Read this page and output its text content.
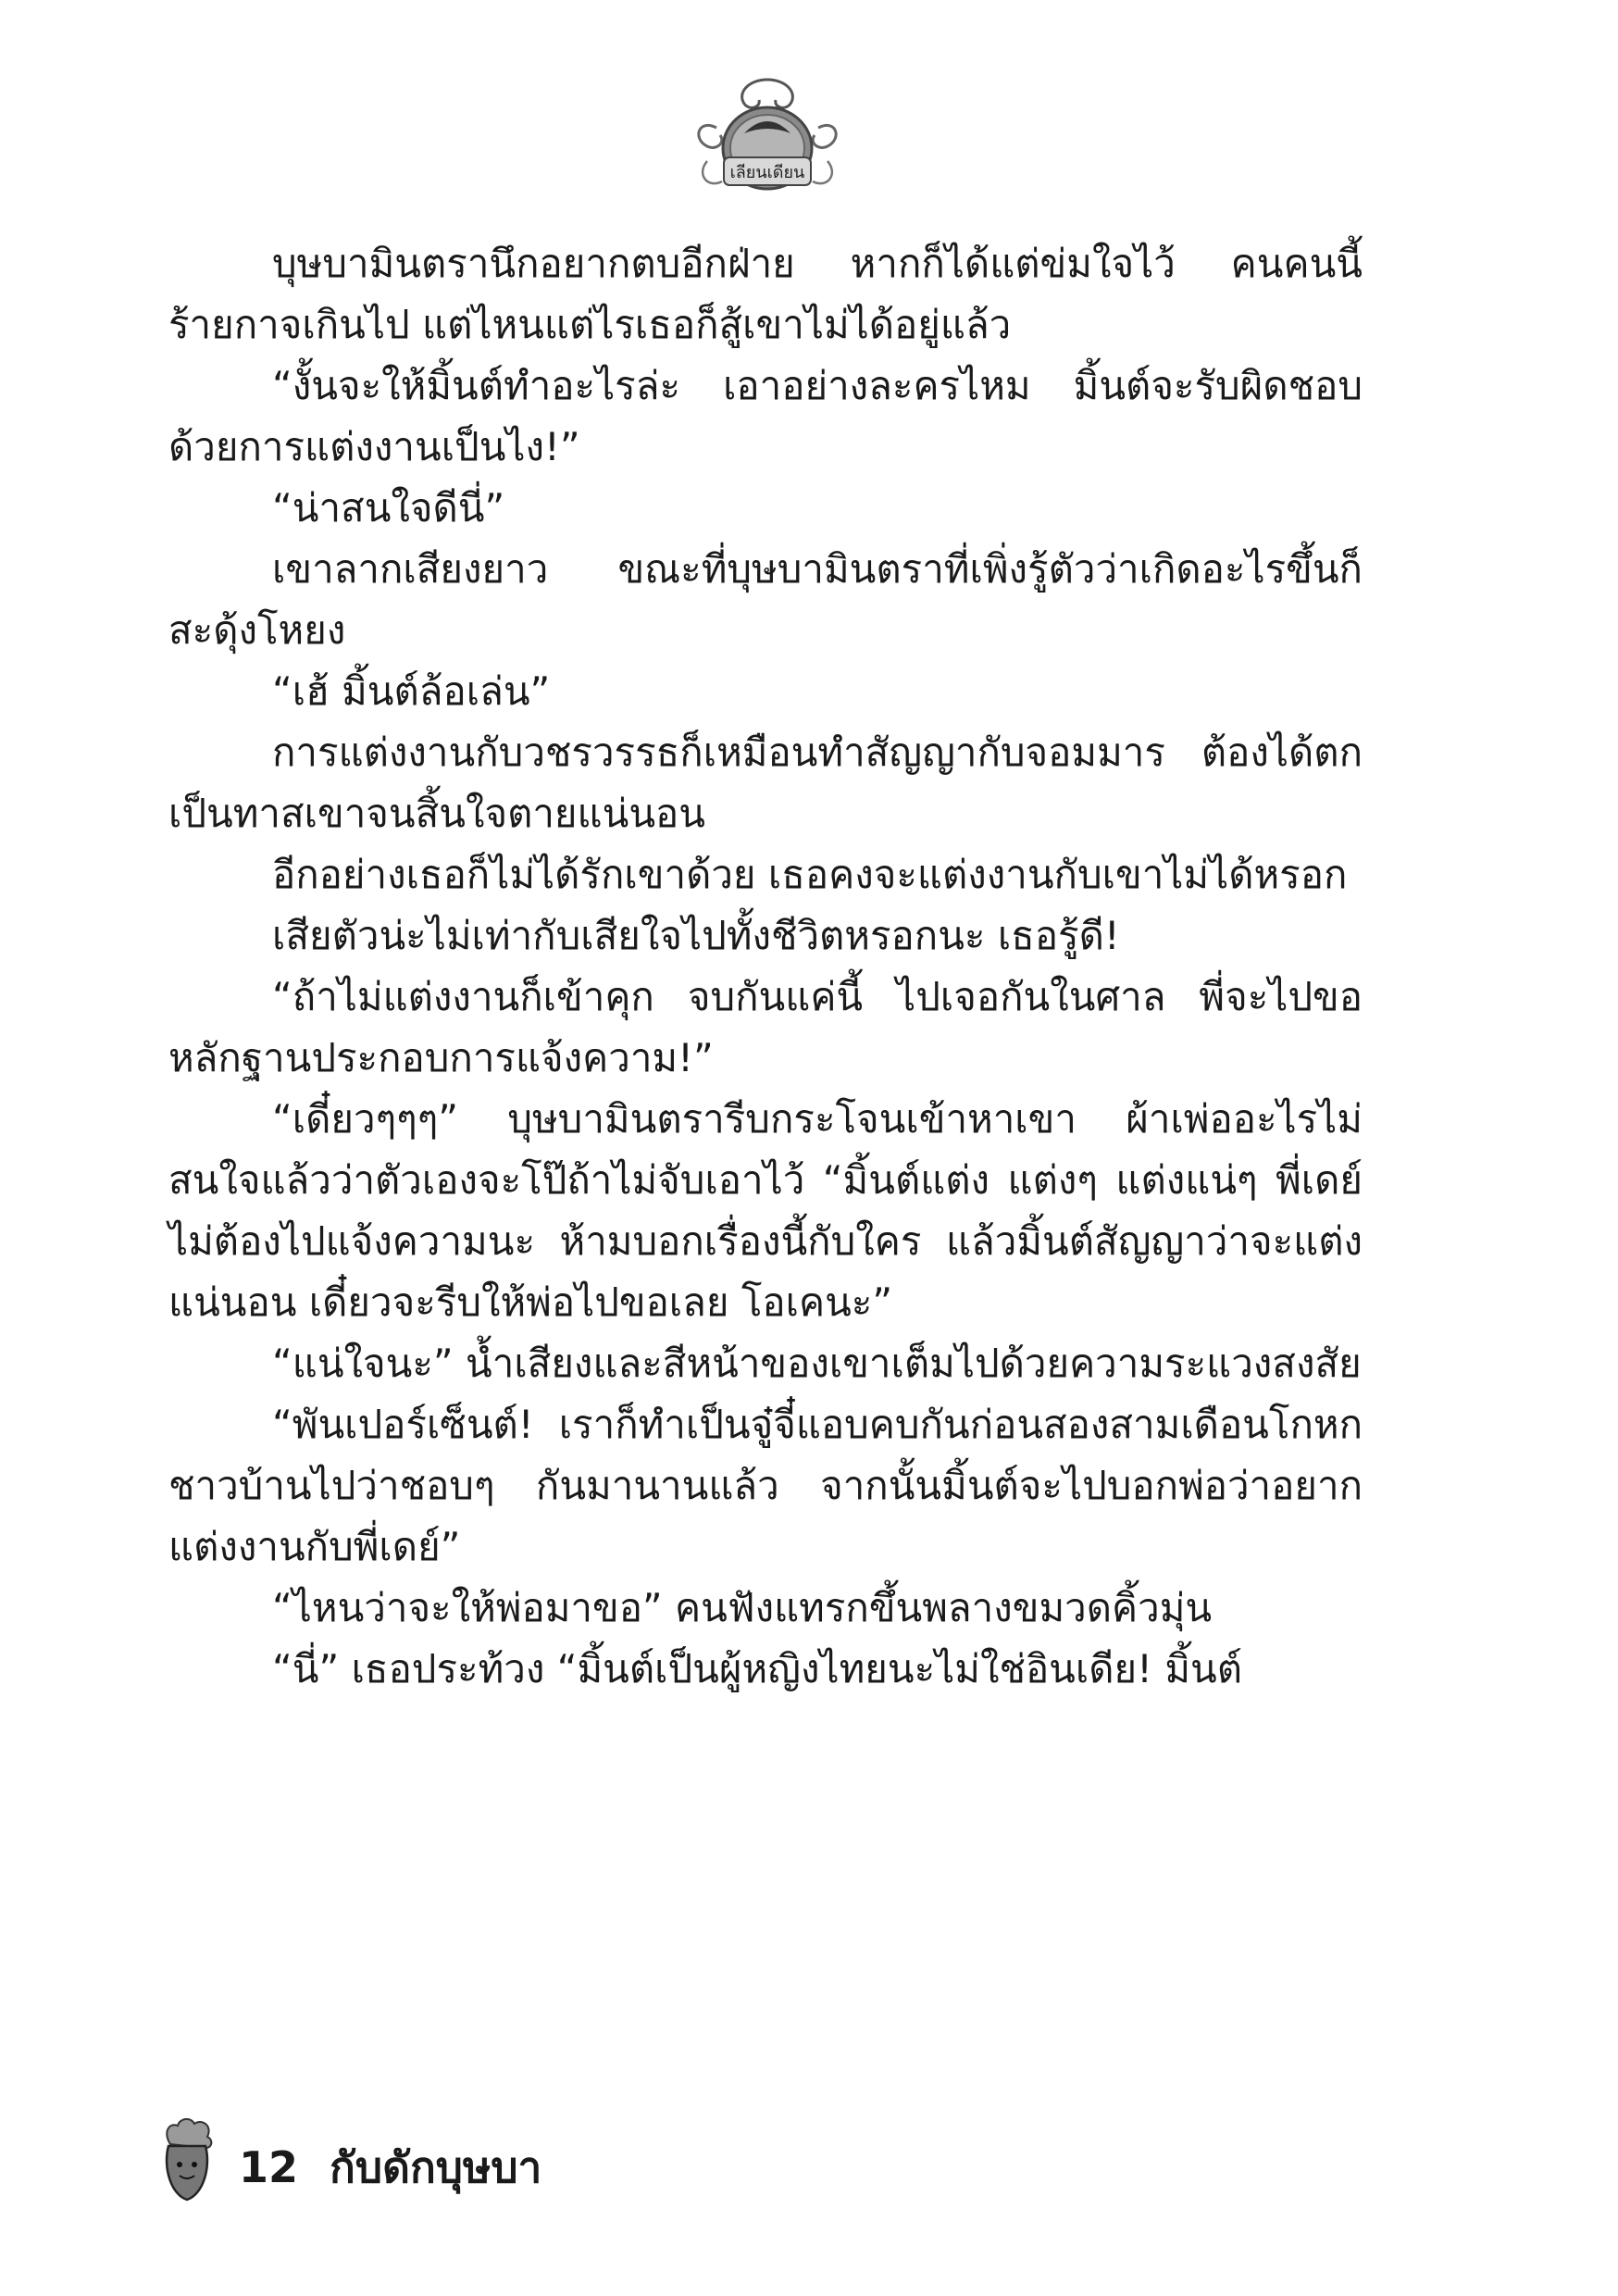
เลียนเดียน

บุษบามินตรานึกอยากตบอีกฝ่าย หากก็ได้แต่ข่มใจไว้ คนคนนี้ร้ายกาจเกินไป แต่ไหนแต่ไรเธอก็สู้เขาไม่ได้อยู่แล้ว

“งั้นจะให้มิ้นต์ทำอะไรล่ะ เอาอย่างละครไหม มิ้นต์จะรับผิดชอบด้วยการแต่งงานเป็นไง!”

“น่าสนใจดีนี่”

เขาลากเสียงยาว ขณะที่บุษบามินตราที่เพิ่งรู้ตัวว่าเกิดอะไรขึ้นก็สะดุ้งโหยง

“เฮ้ มิ้นต์ล้อเล่น”

การแต่งงานกับวชรวรรธก็เหมือนทำสัญญากับจอมมาร ต้องได้ตกเป็นทาสเขาจนสิ้นใจตายแน่นอน

อีกอย่างเธอก็ไม่ได้รักเขาด้วย เธอคงจะแต่งงานกับเขาไม่ได้หรอก

เสียตัวน่ะไม่เท่ากับเสียใจไปทั้งชีวิตหรอกนะ เธอรู้ดี!

“ถ้าไม่แต่งงานก็เข้าคุก จบกันแค่นี้ ไปเจอกันในศาล พี่จะไปขอหลักฐานประกอบการแจ้งความ!”

“เดี๋ยวๆๆๆ” บุษบามินตรารีบกระโจนเข้าหาเขา ผ้าเพ่ออะไรไม่สนใจแล้วว่าตัวเองจะโป๊ถ้าไม่จับเอาไว้ “มิ้นต์แต่ง แต่งๆ แต่งแน่ๆ พี่เดย์ไม่ต้องไปแจ้งความนะ ห้ามบอกเรื่องนี้กับใคร แล้วมิ้นต์สัญญาว่าจะแต่งแน่นอน เดี๋ยวจะรีบให้พ่อไปขอเลย โอเคนะ”

“แน่ใจนะ” น้ำเสียงและสีหน้าของเขาเต็มไปด้วยความระแวงสงสัย

“พันเปอร์เซ็นต์! เราก็ทำเป็นจู๋จี๋แอบคบกันก่อนสองสามเดือนโกหกชาวบ้านไปว่าชอบๆ กันมานานแล้ว จากนั้นมิ้นต์จะไปบอกพ่อว่าอยากแต่งงานกับพี่เดย์”

“ไหนว่าจะให้พ่อมาขอ” คนฟังแทรกขึ้นพลางขมวดคิ้วมุ่น

“นี่” เธอประท้วง “มิ้นต์เป็นผู้หญิงไทยนะไม่ใช่อินเดีย! มิ้นต์

12 กับดักบุษบา
